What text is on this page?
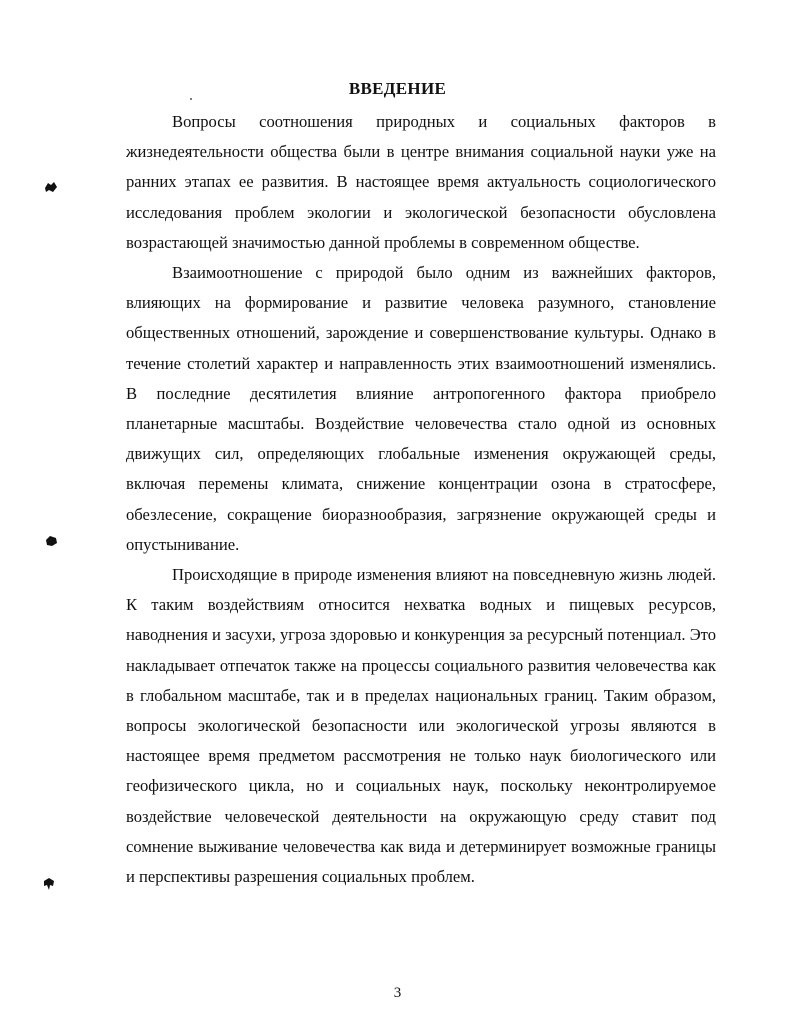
ВВЕДЕНИЕ

Вопросы соотношения природных и социальных факторов в жизнедеятельности общества были в центре внимания социальной науки уже на ранних этапах ее развития. В настоящее время актуальность социологического исследования проблем экологии и экологической безопасности обусловлена возрастающей значимостью данной проблемы в современном обществе.

Взаимоотношение с природой было одним из важнейших факторов, влияющих на формирование и развитие человека разумного, становление общественных отношений, зарождение и совершенствование культуры. Однако в течение столетий характер и направленность этих взаимоотношений изменялись. В последние десятилетия влияние антропогенного фактора приобрело планетарные масштабы. Воздействие человечества стало одной из основных движущих сил, определяющих глобальные изменения окружающей среды, включая перемены климата, снижение концентрации озона в стратосфере, обезлесение, сокращение биоразнообразия, загрязнение окружающей среды и опустынивание.

Происходящие в природе изменения влияют на повседневную жизнь людей. К таким воздействиям относится нехватка водных и пищевых ресурсов, наводнения и засухи, угроза здоровью и конкуренция за ресурсный потенциал. Это накладывает отпечаток также на процессы социального развития человечества как в глобальном масштабе, так и в пределах национальных границ. Таким образом, вопросы экологической безопасности или экологической угрозы являются в настоящее время предметом рассмотрения не только наук биологического или геофизического цикла, но и социальных наук, поскольку неконтролируемое воздействие человеческой деятельности на окружающую среду ставит под сомнение выживание человечества как вида и детерминирует возможные границы и перспективы разрешения социальных проблем.

3
